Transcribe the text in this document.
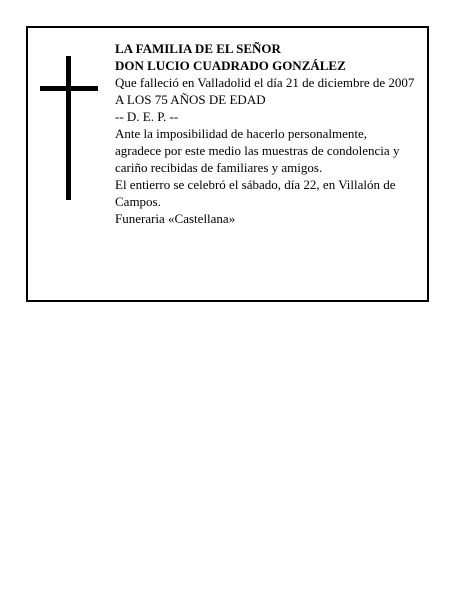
LA FAMILIA DE EL SEÑOR

DON LUCIO CUADRADO GONZÁLEZ

Que falleció en Valladolid el día 21 de diciembre de 2007

A LOS 75 AÑOS DE EDAD

-- D. E. P. --

Ante la imposibilidad de hacerlo personalmente, agradece por este medio las muestras de condolencia y cariño recibidas de familiares y amigos.

El entierro se celebró el sábado, día 22, en Villalón de Campos.

Funeraria «Castellana»
